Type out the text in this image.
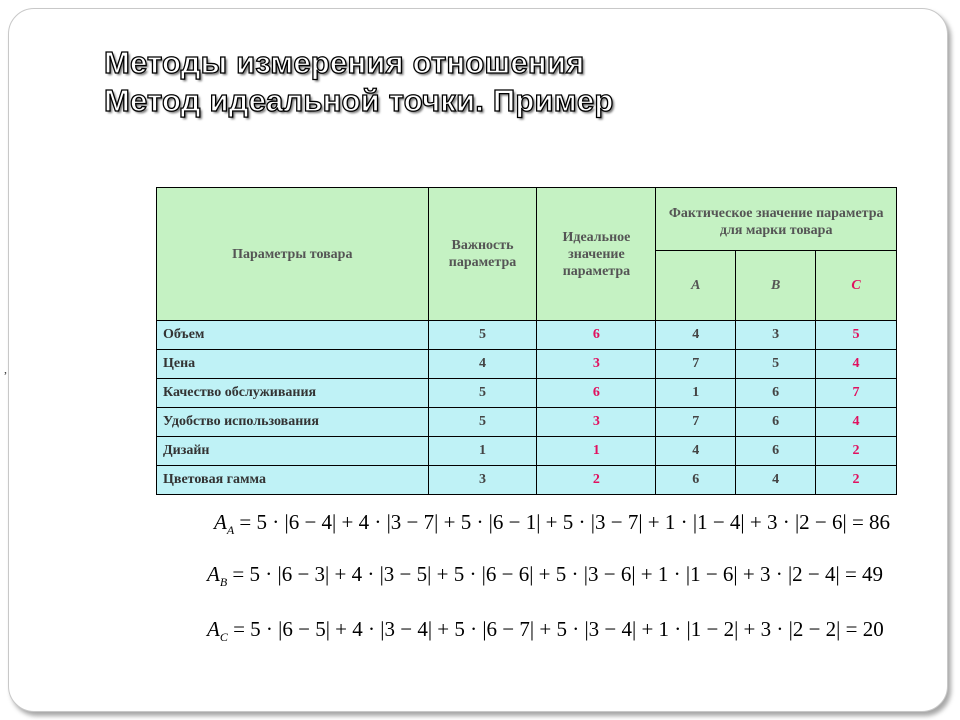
Методы измерения отношения
Метод идеальной точки. Пример
,
Параметры товара	Важность параметра	Идеальное значение параметра	Фактическое значение параметра для марки товара		
			A	B	C
Объем	5	6	4	3	5
Цена	4	3	7	5	4
Качество обслуживания	5	6	1	6	7
Удобство использования	5	3	7	6	4
Дизайн	1	1	4	6	2
Цветовая гамма	3	2	6	4	2
$A_A = 5 \cdot |6 - 4| + 4 \cdot |3 - 7| + 5 \cdot |6 - 1| + 5 \cdot |3 - 7| + 1 \cdot |1 - 4| + 3 \cdot |2 - 6| = 86$
$A_B = 5 \cdot |6 - 3| + 4 \cdot |3 - 5| + 5 \cdot |6 - 6| + 5 \cdot |3 - 6| + 1 \cdot |1 - 6| + 3 \cdot |2 - 4| = 49$
$A_C = 5 \cdot |6 - 5| + 4 \cdot |3 - 4| + 5 \cdot |6 - 7| + 5 \cdot |3 - 4| + 1 \cdot |1 - 2| + 3 \cdot |2 - 2| = 20$
